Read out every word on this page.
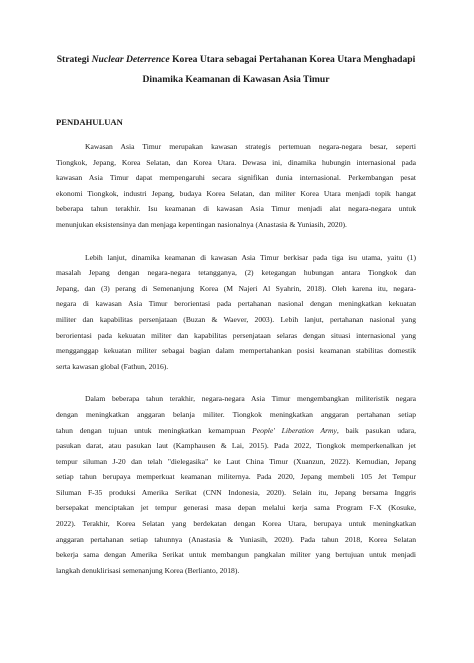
Strategi Nuclear Deterrence Korea Utara sebagai Pertahanan Korea Utara Menghadapi
Dinamika Keamanan di Kawasan Asia Timur
PENDAHULUAN
Kawasan Asia Timur merupakan kawasan strategis pertemuan negara-negara besar, seperti
Tiongkok, Jepang, Korea Selatan, dan Korea Utara. Dewasa ini, dinamika hubungin internasional pada
kawasan Asia Timur dapat mempengaruhi secara signifikan dunia internasional. Perkembangan pesat
ekonomi Tiongkok, industri Jepang, budaya Korea Selatan, dan militer Korea Utara menjadi topik hangat
beberapa tahun terakhir. Isu keamanan di kawasan Asia Timur menjadi alat negara-negara untuk
menunjukan eksistensinya dan menjaga kepentingan nasionalnya (Anastasia & Yuniasih, 2020).
Lebih lanjut, dinamika keamanan di kawasan Asia Timur berkisar pada tiga isu utama, yaitu (1)
masalah Jepang dengan negara-negara tetangganya, (2) ketegangan hubungan antara Tiongkok dan
Jepang, dan (3) perang di Semenanjung Korea (M Najeri Al Syahrin, 2018). Oleh karena itu, negara-
negara di kawasan Asia Timur berorientasi pada pertahanan nasional dengan meningkatkan kekuatan
militer dan kapabilitas persenjataan (Buzan & Waever, 2003). Lebih lanjut, pertahanan nasional yang
berorientasi pada kekuatan militer dan kapabilitas persenjataan selaras dengan situasi internasional yang
mengganggap kekuatan militer sebagai bagian dalam mempertahankan posisi keamanan stabilitas domestik
serta kawasan global (Fathun, 2016).
Dalam beberapa tahun terakhir, negara-negara Asia Timur mengembangkan militeristik negara
dengan meningkatkan anggaran belanja militer. Tiongkok meningkatkan anggaran pertahanan setiap
tahun dengan tujuan untuk meningkatkan kemampuan People' Liberation Army, baik pasukan udara,
pasukan darat, atau pasukan laut (Kamphausen & Lai, 2015). Pada 2022, Tiongkok memperkenalkan jet
tempur siluman J-20 dan telah "dielegasika" ke Laut China Timur (Xuanzun, 2022). Kemudian, Jepang
setiap tahun berupaya memperkuat keamanan militernya. Pada 2020, Jepang membeli 105 Jet Tempur
Siluman F-35 produksi Amerika Serikat (CNN Indonesia, 2020). Selain itu, Jepang bersama Inggris
bersepakat menciptakan jet tempur generasi masa depan melalui kerja sama Program F-X (Kosuke,
2022). Terakhir, Korea Selatan yang berdekatan dengan Korea Utara, berupaya untuk meningkatkan
anggaran pertahanan setiap tahunnya (Anastasia & Yuniasih, 2020). Pada tahun 2018, Korea Selatan
bekerja sama dengan Amerika Serikat untuk membangun pangkalan militer yang bertujuan untuk menjadi
langkah denuklirisasi semenanjung Korea (Berlianto, 2018).
